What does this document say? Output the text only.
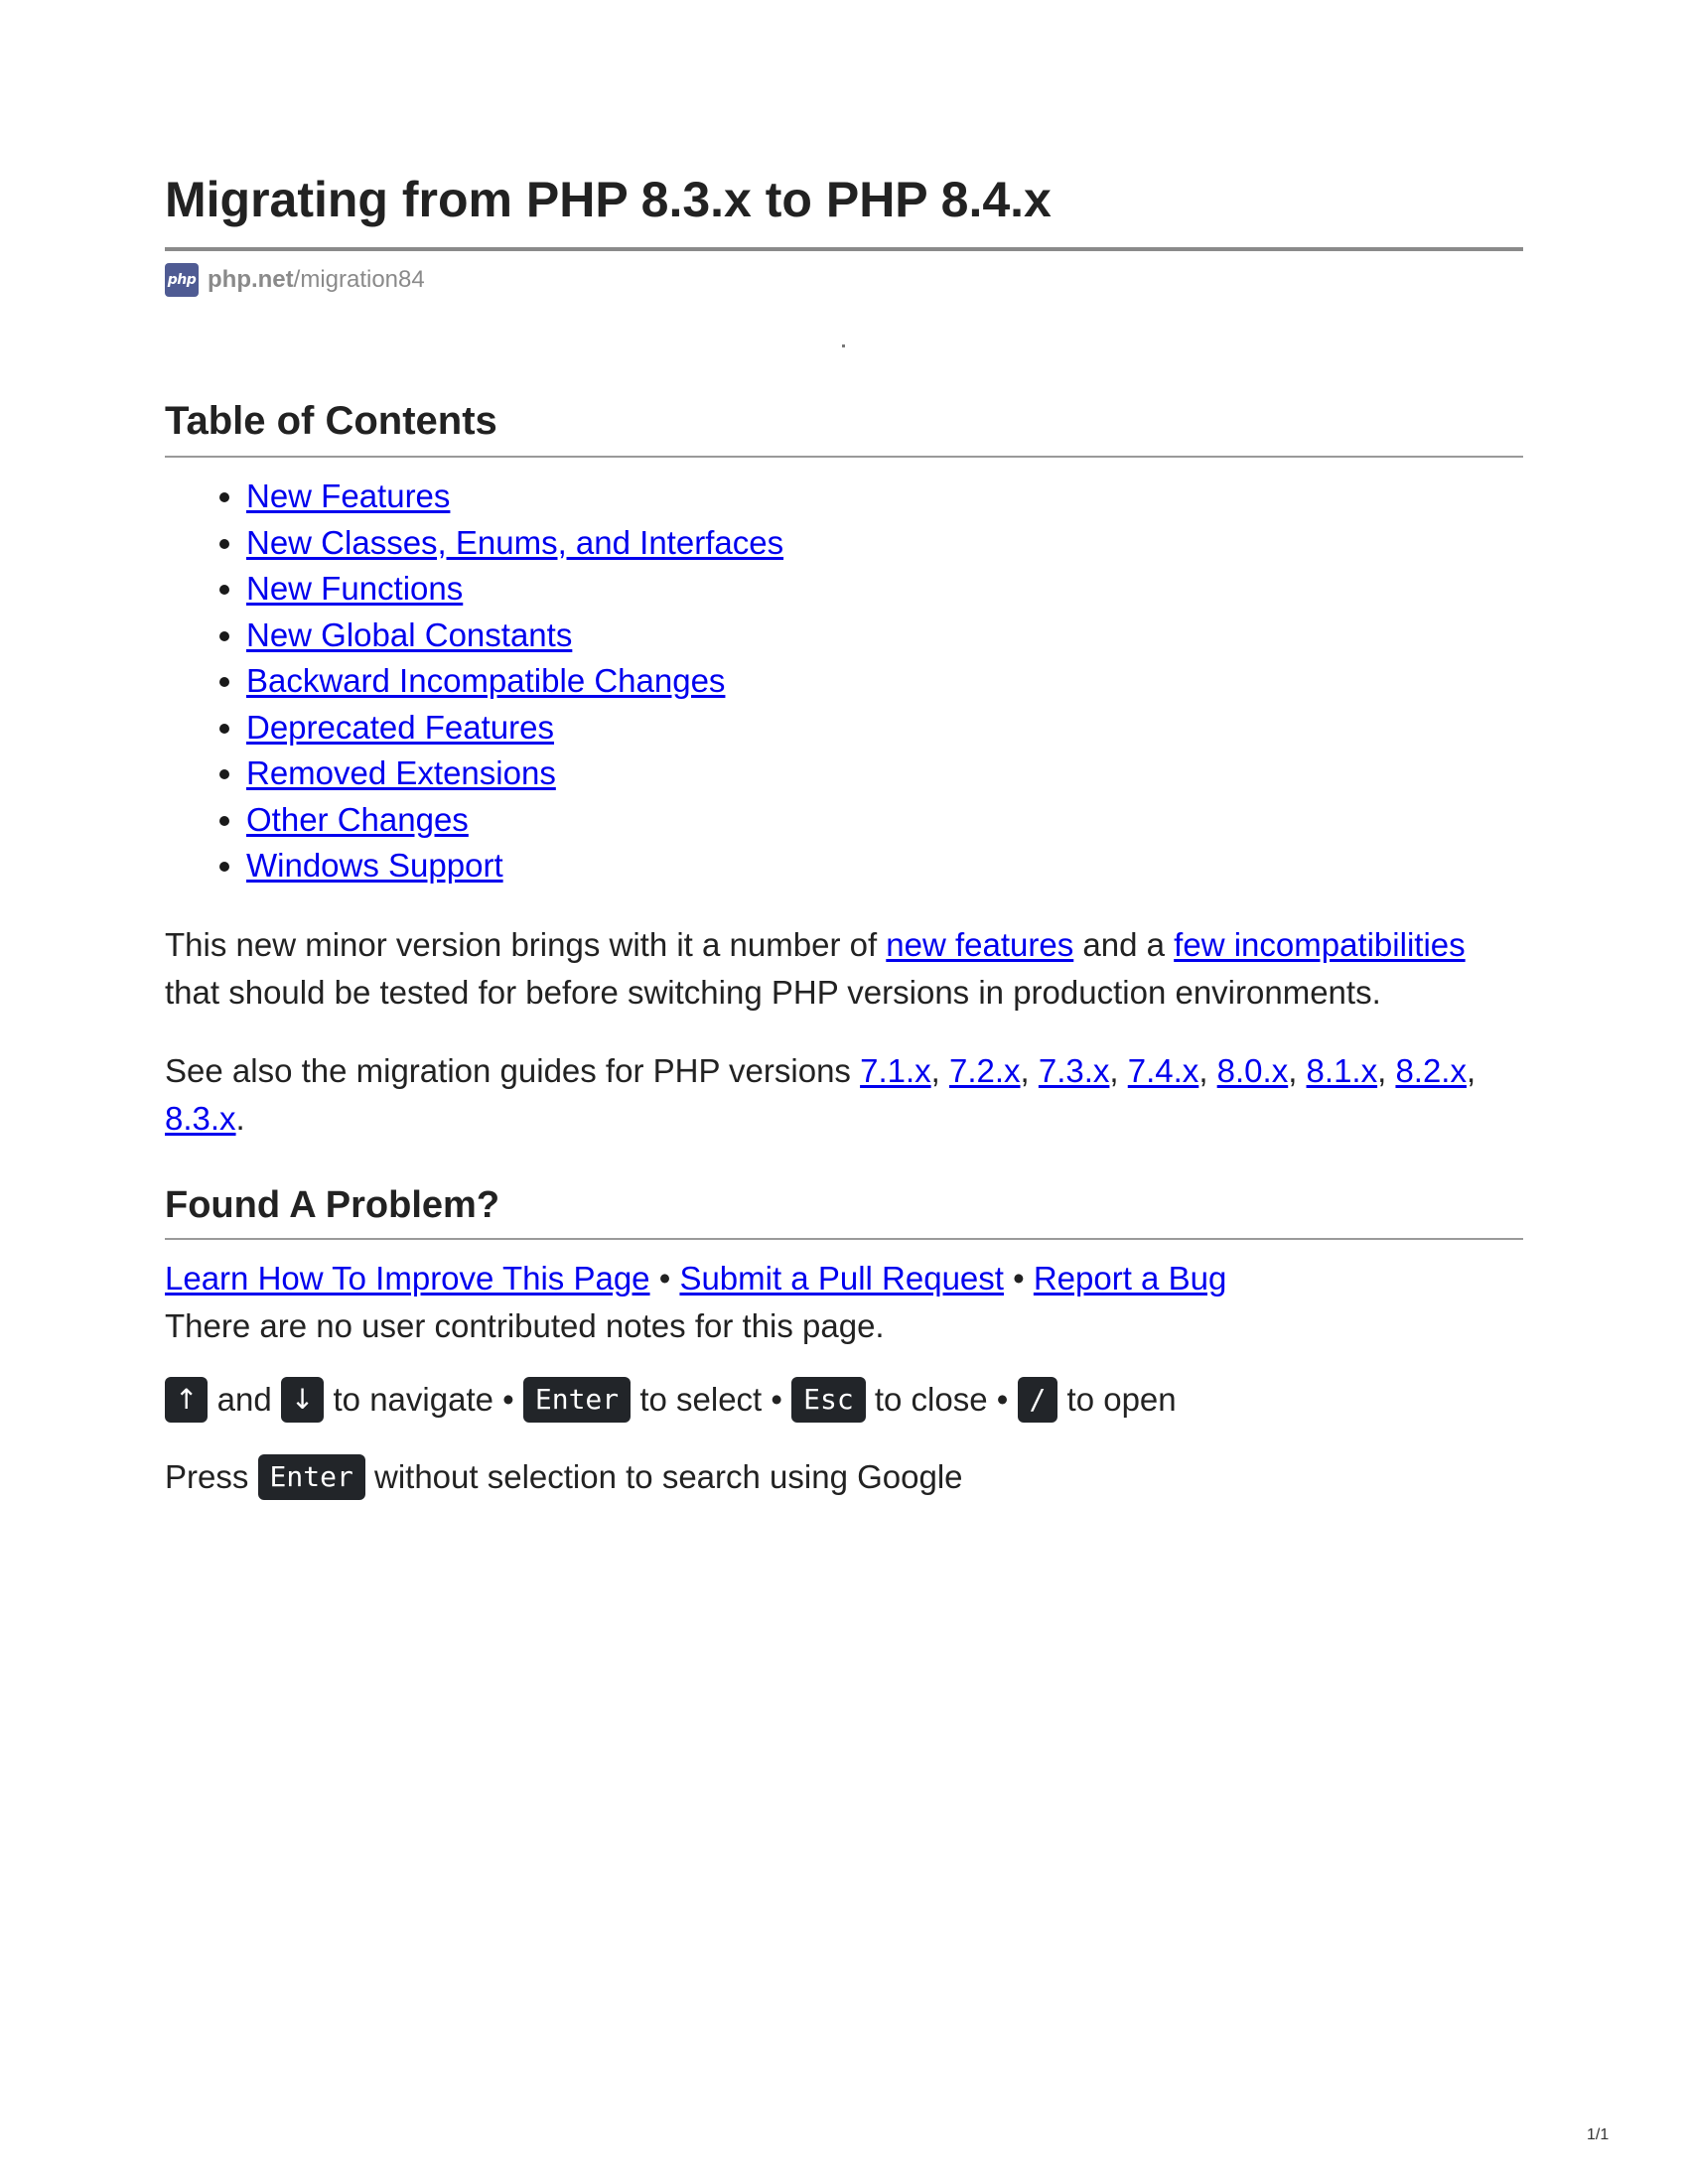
Migrating from PHP 8.3.x to PHP 8.4.x
php php.net /migration84
Table of Contents
• New Features
• New Classes, Enums, and Interfaces
• New Functions
• New Global Constants
• Backward Incompatible Changes
• Deprecated Features
• Removed Extensions
• Other Changes
• Windows Support

This new minor version brings with it a number of new features and a few incompatibilities that should be tested for before switching PHP versions in production environments.

See also the migration guides for PHP versions 7.1.x, 7.2.x, 7.3.x, 7.4.x, 8.0.x, 8.1.x, 8.2.x, 8.3.x.

Found A Problem?

Learn How To Improve This Page • Submit a Pull Request • Report a Bug

There are no user contributed notes for this page.

↑ and ↓ to navigate • Enter to select • Esc to close • / to open

Press Enter without selection to search using Google

1/1
